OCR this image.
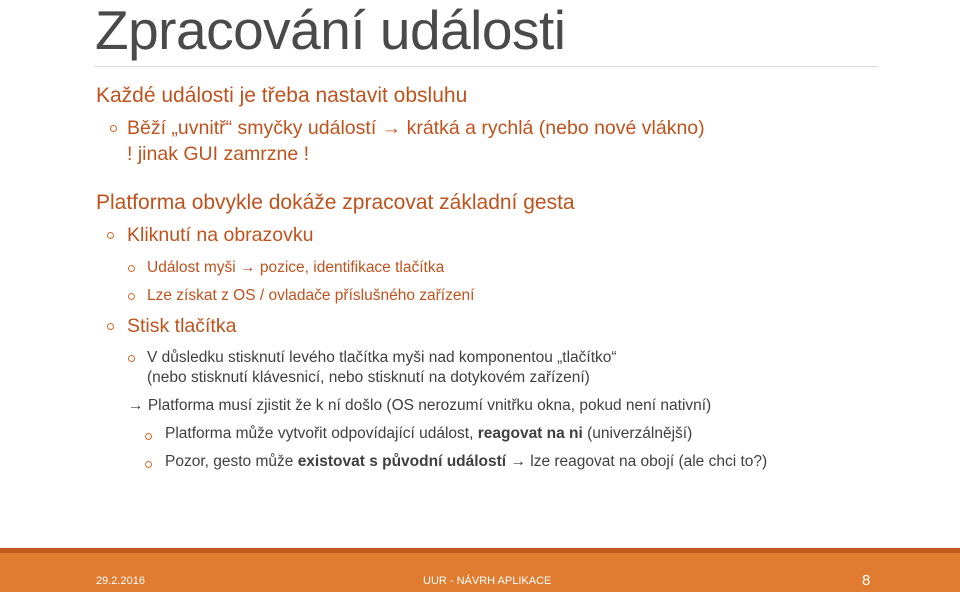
Zpracování události
Každé události je třeba nastavit obsluhu
Běží „uvnitř“ smyčky událostí → krátká a rychlá (nebo nové vlákno)
! jinak GUI zamrzne !
Platforma obvykle dokáže zpracovat základní gesta
Kliknutí na obrazovku
Událost myši → pozice, identifikace tlačítka
Lze získat z OS / ovladače příslušného zařízení
Stisk tlačítka
V důsledku stisknutí levého tlačítka myši nad komponentou „tlačítko“
(nebo stisknutí klávesnicí, nebo stisknutí na dotykovém zařízení)
→ Platforma musí zjistit že k ní došlo (OS nerozumí vnitřku okna, pokud není nativní)
Platforma může vytvořit odpovídající událost, reagovat na ni (univerzálnější)
Pozor, gesto může existovat s původní událostí → lze reagovat na obojí (ale chci to?)
29.2.2016	UUR - NÁVRH APLIKACE	8
